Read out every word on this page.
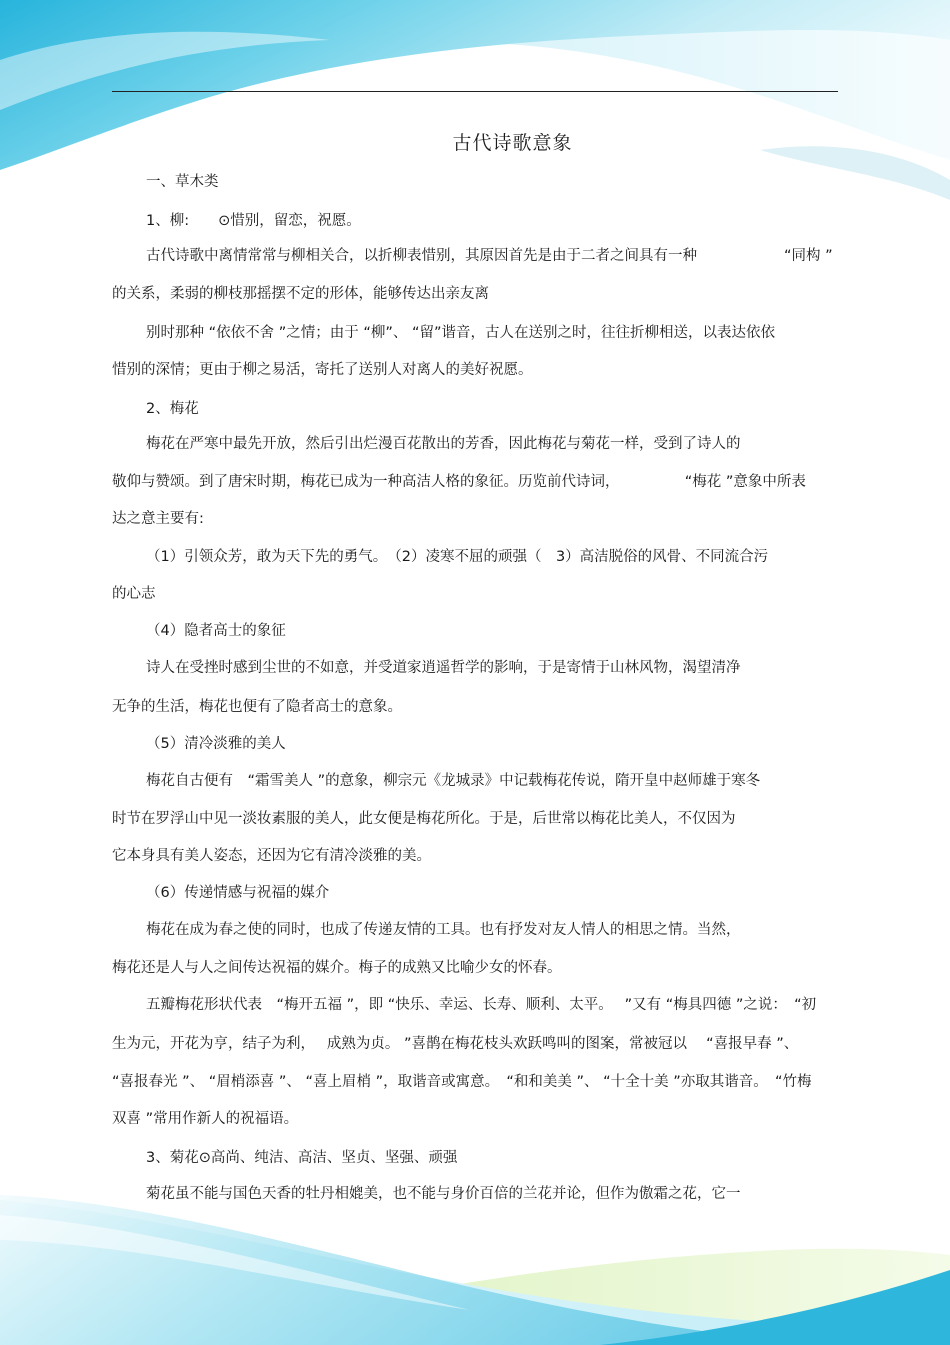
古代诗歌意象
一、草木类
1、柳:　　⊙惜别，留恋，祝愿。
古代诗歌中离情常常与柳相关合，以折柳表惜别，其原因首先是由于二者之间具有一种　　　　　　“同构 ”
的关系，柔弱的柳枝那摇摆不定的形体，能够传达出亲友离
别时那种 “依依不舍 ”之情；由于 “柳”、 “留”谐音，古人在送别之时，往往折柳相送，以表达依依
惜别的深情；更由于柳之易活，寄托了送别人对离人的美好祝愿。
2、梅花
梅花在严寒中最先开放，然后引出烂漫百花散出的芳香，因此梅花与菊花一样，受到了诗人的
敬仰与赞颂。到了唐宋时期，梅花已成为一种高洁人格的象征。历览前代诗词，　　　　　“梅花 ”意象中所表
达之意主要有:
（1）引领众芳，敢为天下先的勇气。　（2）凌寒不屈的顽强（　3）高洁脱俗的风骨、不同流合污
的心志
（4）隐者高士的象征
诗人在受挫时感到尘世的不如意，并受道家逍遥哲学的影响，于是寄情于山林风物，渴望清净
无争的生活，梅花也便有了隐者高士的意象。
（5）清冷淡雅的美人
梅花自古便有　“霜雪美人 ”的意象，柳宗元《龙城录》中记载梅花传说，隋开皇中赵师雄于寒冬
时节在罗浮山中见一淡妆素服的美人，此女便是梅花所化。于是，后世常以梅花比美人，不仅因为
它本身具有美人姿态，还因为它有清冷淡雅的美。
（6）传递情感与祝福的媒介
梅花在成为春之使的同时，也成了传递友情的工具。也有抒发对友人情人的相思之情。当然，
梅花还是人与人之间传达祝福的媒介。梅子的成熟又比喻少女的怀春。
五瓣梅花形状代表　“梅开五福 ”，即 “快乐、幸运、长寿、顺利、太平。　 ”又有 “梅具四德 ”之说：　“初
生为元，开花为亨，结子为利，　 成熟为贞。 ”喜鹊在梅花枝头欢跃鸣叫的图案，常被冠以　 “喜报早春 ”、
“喜报春光 ”、 “眉梢添喜 ”、 “喜上眉梢 ”，取谐音或寓意。　“和和美美 ”、 “十全十美 ”亦取其谐音。　“竹梅
双喜 ”常用作新人的祝福语。
3、菊花⊙高尚、纯洁、高洁、坚贞、坚强、顽强
菊花虽不能与国色天香的牡丹相媲美，也不能与身价百倍的兰花并论，但作为傲霜之花，它一
